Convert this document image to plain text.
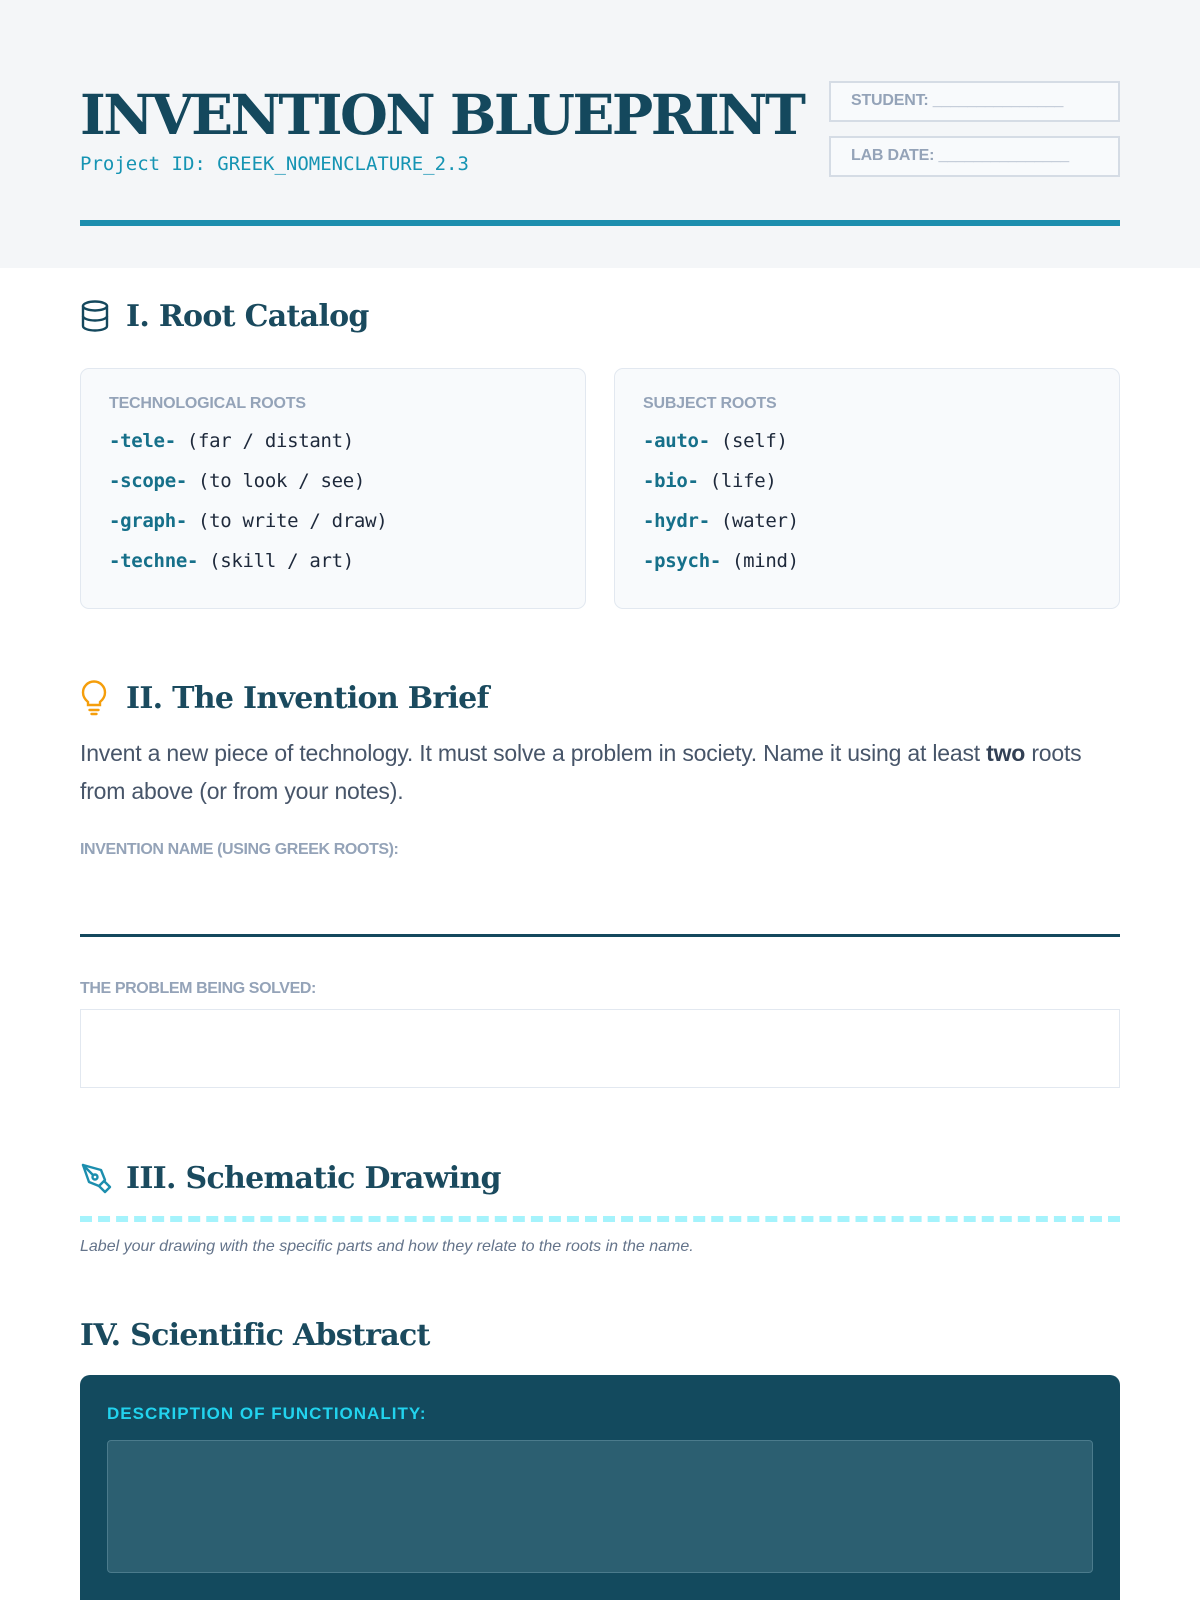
INVENTION BLUEPRINT
Project ID: GREEK_NOMENCLATURE_2.3
STUDENT: _______________
LAB DATE: _______________
I. Root Catalog
TECHNOLOGICAL ROOTS
-tele- (far / distant)
-scope- (to look / see)
-graph- (to write / draw)
-techne- (skill / art)
SUBJECT ROOTS
-auto- (self)
-bio- (life)
-hydr- (water)
-psych- (mind)
II. The Invention Brief
Invent a new piece of technology. It must solve a problem in society. Name it using at least two roots from above (or from your notes).
INVENTION NAME (USING GREEK ROOTS):
THE PROBLEM BEING SOLVED:
III. Schematic Drawing
Label your drawing with the specific parts and how they relate to the roots in the name.
IV. Scientific Abstract
DESCRIPTION OF FUNCTIONALITY:
